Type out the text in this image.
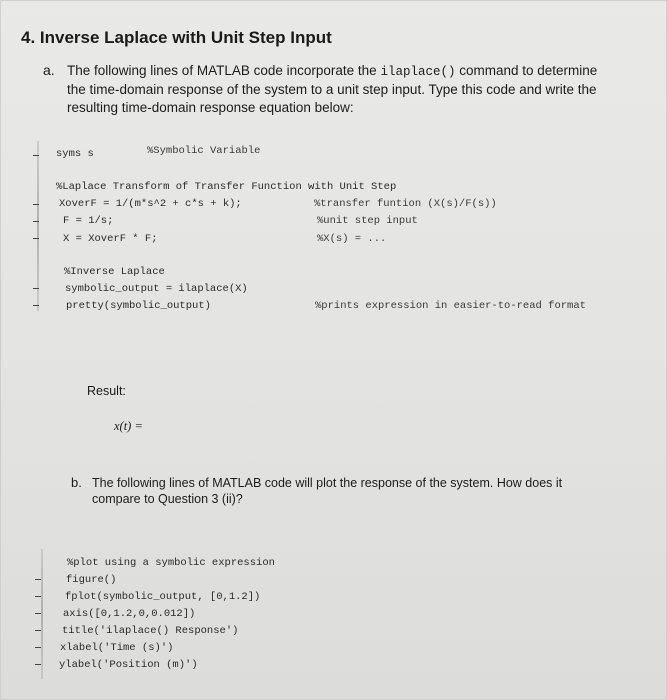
4. Inverse Laplace with Unit Step Input
a. The following lines of MATLAB code incorporate the ilaplace() command to determine the time-domain response of the system to a unit step input. Type this code and write the resulting time-domain response equation below:
syms s	%Symbolic Variable
%Laplace Transform of Transfer Function with Unit Step
XoverF = 1/(m*s^2 + c*s + k);	%transfer funtion (X(s)/F(s))
F = 1/s;	%unit step input
X = XoverF * F;	%X(s) = ...
%Inverse Laplace
symbolic_output = ilaplace(X)
pretty(symbolic_output)	%prints expression in easier-to-read format
Result:
x(t) =
b. The following lines of MATLAB code will plot the response of the system. How does it compare to Question 3 (ii)?
%plot using a symbolic expression
figure()
fplot(symbolic_output, [0,1.2])
axis([0,1.2,0,0.012])
title('ilaplace() Response')
xlabel('Time (s)')
ylabel('Position (m)')
